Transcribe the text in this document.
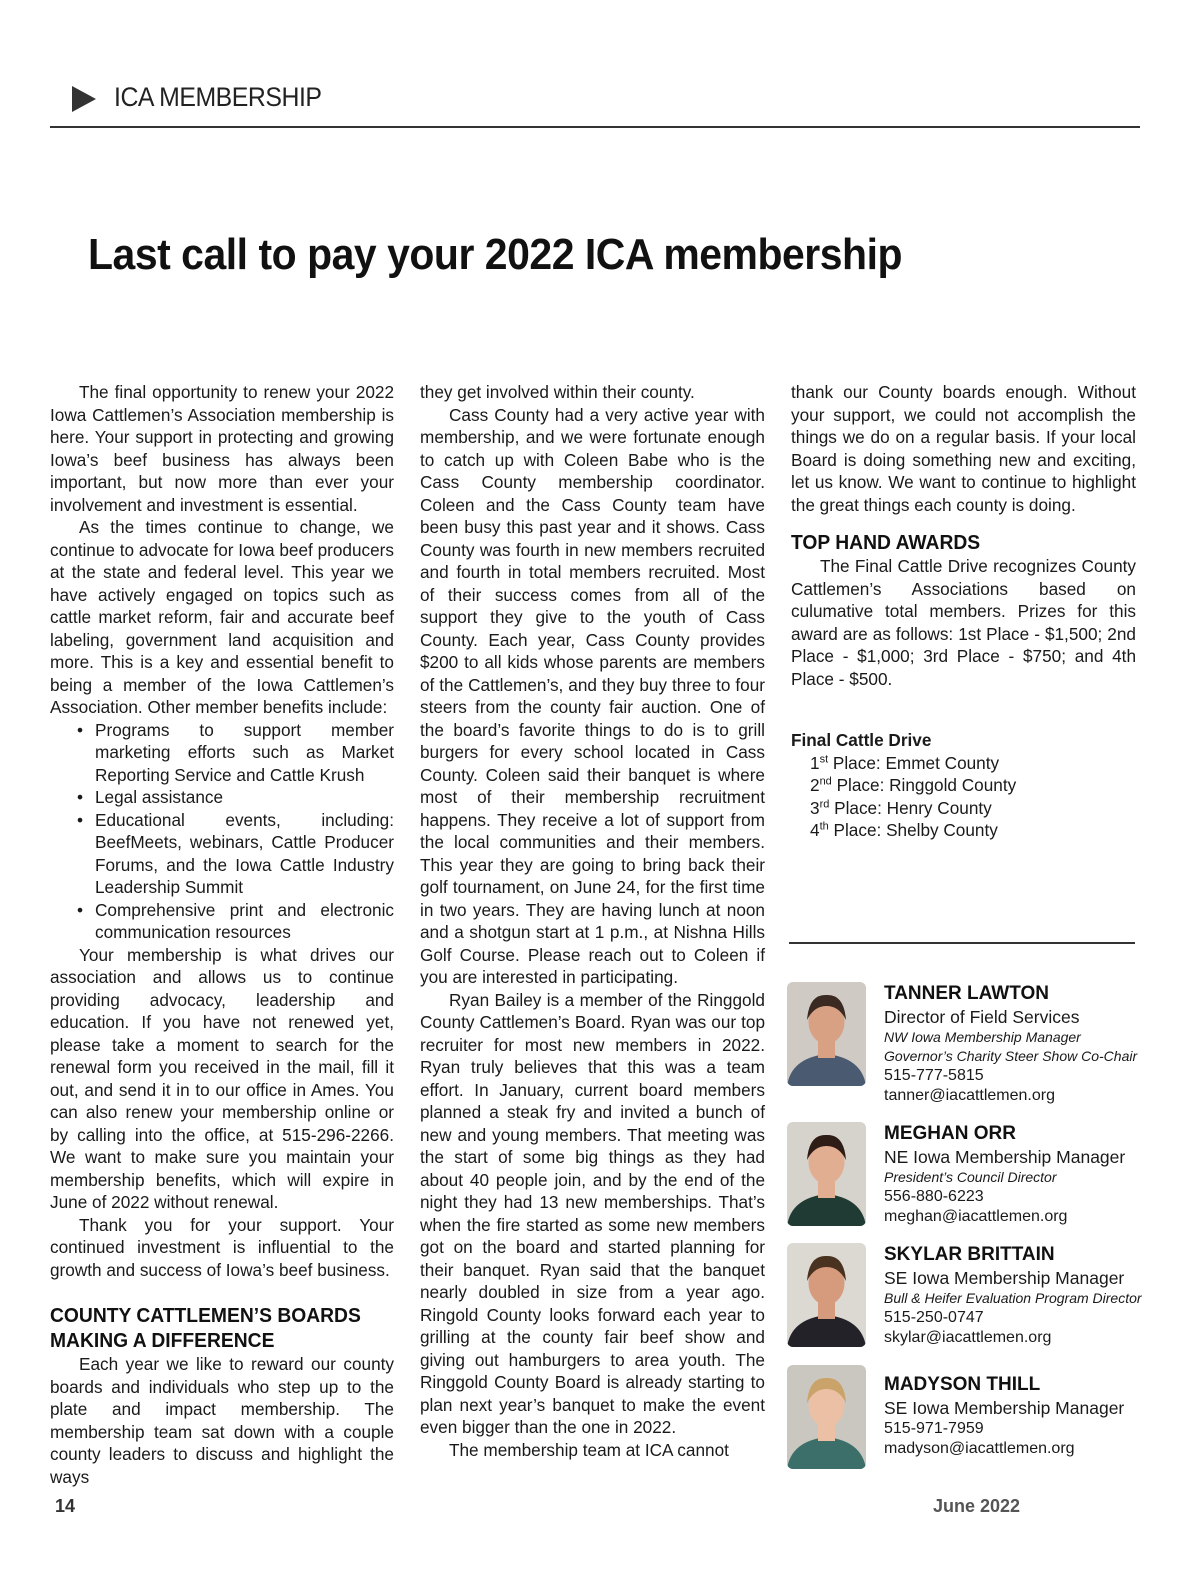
ICA MEMBERSHIP
Last call to pay your 2022 ICA membership

The final opportunity to renew your 2022 Iowa Cattlemen’s Association membership is here. Your support in protecting and growing Iowa’s beef business has always been important, but now more than ever your involvement and investment is essential.

As the times continue to change, we continue to advocate for Iowa beef producers at the state and federal level. This year we have actively engaged on topics such as cattle market reform, fair and accurate beef labeling, government land acquisition and more. This is a key and essential benefit to being a member of the Iowa Cattlemen’s Association. Other member benefits include:

• Programs to support member marketing efforts such as Market Reporting Service and Cattle Krush
• Legal assistance
• Educational events, including: BeefMeets, webinars, Cattle Producer Forums, and the Iowa Cattle Industry Leadership Summit
• Comprehensive print and electronic communication resources

Your membership is what drives our association and allows us to continue providing advocacy, leadership and education. If you have not renewed yet, please take a moment to search for the renewal form you received in the mail, fill it out, and send it in to our office in Ames. You can also renew your membership online or by calling into the office, at 515-296-2266. We want to make sure you maintain your membership benefits, which will expire in June of 2022 without renewal.

Thank you for your support. Your continued investment is influential to the growth and success of Iowa’s beef business.

COUNTY CATTLEMEN’S BOARDS
MAKING A DIFFERENCE

Each year we like to reward our county boards and individuals who step up to the plate and impact membership. The membership team sat down with a couple county leaders to discuss and highlight the ways

they get involved within their county.

Cass County had a very active year with membership, and we were fortunate enough to catch up with Coleen Babe who is the Cass County membership coordinator. Coleen and the Cass County team have been busy this past year and it shows. Cass County was fourth in new members recruited and fourth in total members recruited. Most of their success comes from all of the support they give to the youth of Cass County. Each year, Cass County provides $200 to all kids whose parents are members of the Cattlemen’s, and they buy three to four steers from the county fair auction. One of the board’s favorite things to do is to grill burgers for every school located in Cass County. Coleen said their banquet is where most of their membership recruitment happens. They receive a lot of support from the local communities and their members. This year they are going to bring back their golf tournament, on June 24, for the first time in two years. They are having lunch at noon and a shotgun start at 1 p.m., at Nishna Hills Golf Course. Please reach out to Coleen if you are interested in participating.

Ryan Bailey is a member of the Ringgold County Cattlemen’s Board. Ryan was our top recruiter for most new members in 2022. Ryan truly believes that this was a team effort. In January, current board members planned a steak fry and invited a bunch of new and young members. That meeting was the start of some big things as they had about 40 people join, and by the end of the night they had 13 new memberships. That’s when the fire started as some new members got on the board and started planning for their banquet. Ryan said that the banquet nearly doubled in size from a year ago. Ringold County looks forward each year to grilling at the county fair beef show and giving out hamburgers to area youth. The Ringgold County Board is already starting to plan next year’s banquet to make the event even bigger than the one in 2022.

The membership team at ICA cannot

thank our County boards enough. Without your support, we could not accomplish the things we do on a regular basis. If your local Board is doing something new and exciting, let us know. We want to continue to highlight the great things each county is doing.

TOP HAND AWARDS

The Final Cattle Drive recognizes County Cattlemen’s Associations based on culumative total members. Prizes for this award are as follows: 1st Place - $1,500; 2nd Place - $1,000; 3rd Place - $750; and 4th Place - $500.

Final Cattle Drive
1st Place: Emmet County
2nd Place: Ringgold County
3rd Place: Henry County
4th Place: Shelby County
TANNER LAWTON
Director of Field Services
NW Iowa Membership Manager
Governor’s Charity Steer Show Co-Chair
515-777-5815
tanner@iacattlemen.org
MEGHAN ORR
NE Iowa Membership Manager
President’s Council Director
556-880-6223
meghan@iacattlemen.org
SKYLAR BRITTAIN
SE Iowa Membership Manager
Bull & Heifer Evaluation Program Director
515-250-0747
skylar@iacattlemen.org
MADYSON THILL
SE Iowa Membership Manager
515-971-7959
madyson@iacattlemen.org
14	June 2022
